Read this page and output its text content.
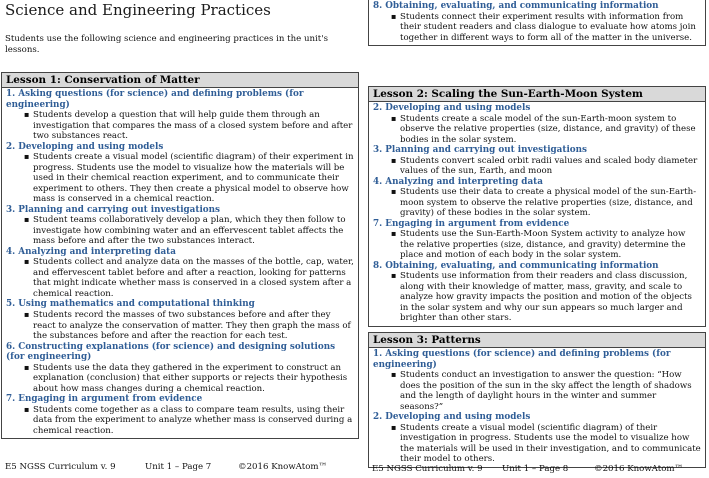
Science and Engineering Practices
Students use the following science and engineering practices in the unit's lessons.
Lesson 1: Conservation of Matter
1. Asking questions (for science) and defining problems (for engineering)
▪ Students develop a question that will help guide them through an investigation that compares the mass of a closed system before and after two substances react.
2. Developing and using models
▪ Students create a visual model (scientific diagram) of their experiment in progress. Students use the model to visualize how the materials will be used in their chemical reaction experiment, and to communicate their experiment to others. They then create a physical model to observe how mass is conserved in a chemical reaction.
3. Planning and carrying out investigations
▪ Student teams collaboratively develop a plan, which they then follow to investigate how combining water and an effervescent tablet affects the mass before and after the two substances interact.
4. Analyzing and interpreting data
▪ Students collect and analyze data on the masses of the bottle, cap, water, and effervescent tablet before and after a reaction, looking for patterns that might indicate whether mass is conserved in a closed system after a chemical reaction.
5. Using mathematics and computational thinking
▪ Students record the masses of two substances before and after they react to analyze the conservation of matter. They then graph the mass of the substances before and after the reaction for each test.
6. Constructing explanations (for science) and designing solutions (for engineering)
▪ Students use the data they gathered in the experiment to construct an explanation (conclusion) that either supports or rejects their hypothesis about how mass changes during a chemical reaction.
7. Engaging in argument from evidence
▪ Students come together as a class to compare team results, using their data from the experiment to analyze whether mass is conserved during a chemical reaction.
E5 NGSS Curriculum v. 9	Unit 1 – Page 7	©2016 KnowAtom™
8. Obtaining, evaluating, and communicating information
▪ Students connect their experiment results with information from their student readers and class dialogue to evaluate how atoms join together in different ways to form all of the matter in the universe.
Lesson 2: Scaling the Sun-Earth-Moon System
2. Developing and using models
▪ Students create a scale model of the sun-Earth-moon system to observe the relative properties (size, distance, and gravity) of these bodies in the solar system.
3. Planning and carrying out investigations
▪ Students convert scaled orbit radii values and scaled body diameter values of the sun, Earth, and moon
4. Analyzing and interpreting data
▪ Students use their data to create a physical model of the sun-Earth-moon system to observe the relative properties (size, distance, and gravity) of these bodies in the solar system.
7. Engaging in argument from evidence
▪ Students use the Sun-Earth-Moon System activity to analyze how the relative properties (size, distance, and gravity) determine the place and motion of each body in the solar system.
8. Obtaining, evaluating, and communicating information
▪ Students use information from their readers and class discussion, along with their knowledge of matter, mass, gravity, and scale to analyze how gravity impacts the position and motion of the objects in the solar system and why our sun appears so much larger and brighter than other stars.
Lesson 3: Patterns
1. Asking questions (for science) and defining problems (for engineering)
▪ Students conduct an investigation to answer the question: “How does the position of the sun in the sky affect the length of shadows and the length of daylight hours in the winter and summer seasons?”
2. Developing and using models
▪ Students create a visual model (scientific diagram) of their investigation in progress. Students use the model to visualize how the materials will be used in their investigation, and to communicate their model to others.
E5 NGSS Curriculum v. 9 Unit 1 – Page 8	©2016 KnowAtom™
